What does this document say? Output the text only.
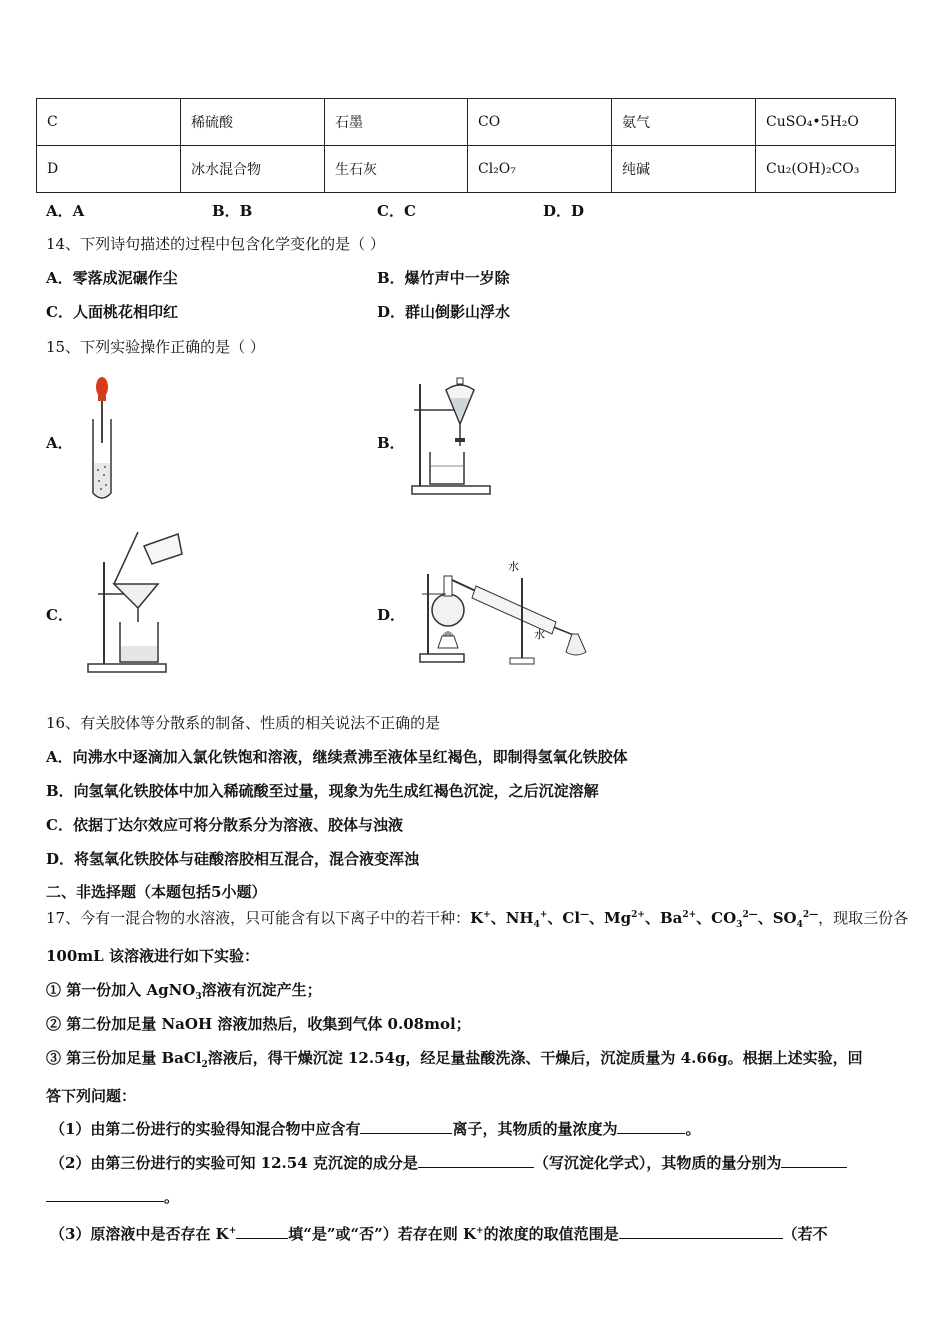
C	稀硫酸	石墨	CO	氨气	CuSO₄•5H₂O
D	冰水混合物	生石灰	Cl₂O₇	纯碱	Cu₂(OH)₂CO₃
A．A	B．B	C．C	D．D
14、下列诗句描述的过程中包含化学变化的是（ ）
A．零落成泥碾作尘	B．爆竹声中一岁除
C．人面桃花相印红	D．群山倒影山浮水
15、下列实验操作正确的是（ ）
A．	B．
C．	D．
水
水
16、有关胶体等分散系的制备、性质的相关说法不正确的是
A．向沸水中逐滴加入氯化铁饱和溶液，继续煮沸至液体呈红褐色，即制得氢氧化铁胶体
B．向氢氧化铁胶体中加入稀硫酸至过量，现象为先生成红褐色沉淀，之后沉淀溶解
C．依据丁达尔效应可将分散系分为溶液、胶体与浊液
D．将氢氧化铁胶体与硅酸溶胶相互混合，混合液变浑浊
二、非选择题（本题包括5小题）
17、今有一混合物的水溶液，只可能含有以下离子中的若干种：K+、$NH_4^+$、Cl—、$Mg^{2+}$、$Ba^{2+}$、$CO_3^{2—}$、$SO_4^{2—}$，现取三份各
100mL 该溶液进行如下实验：
① 第一份加入 AgNO$_3$溶液有沉淀产生；
② 第二份加足量 NaOH 溶液加热后，收集到气体 0.08mol；
③ 第三份加足量 BaCl$_2$溶液后，得干燥沉淀 12.54g，经足量盐酸洗涤、干燥后，沉淀质量为 4.66g。根据上述实验，回
答下列问题：
（1）由第二份进行的实验得知混合物中应含有	离子，其物质的量浓度为	。
（2）由第三份进行的实验可知 12.54 克沉淀的成分是	（写沉淀化学式），其物质的量分别为
。
（3）原溶液中是否存在 K+	填“是”或“否”）若存在则 K+的浓度的取值范围是	（若不
